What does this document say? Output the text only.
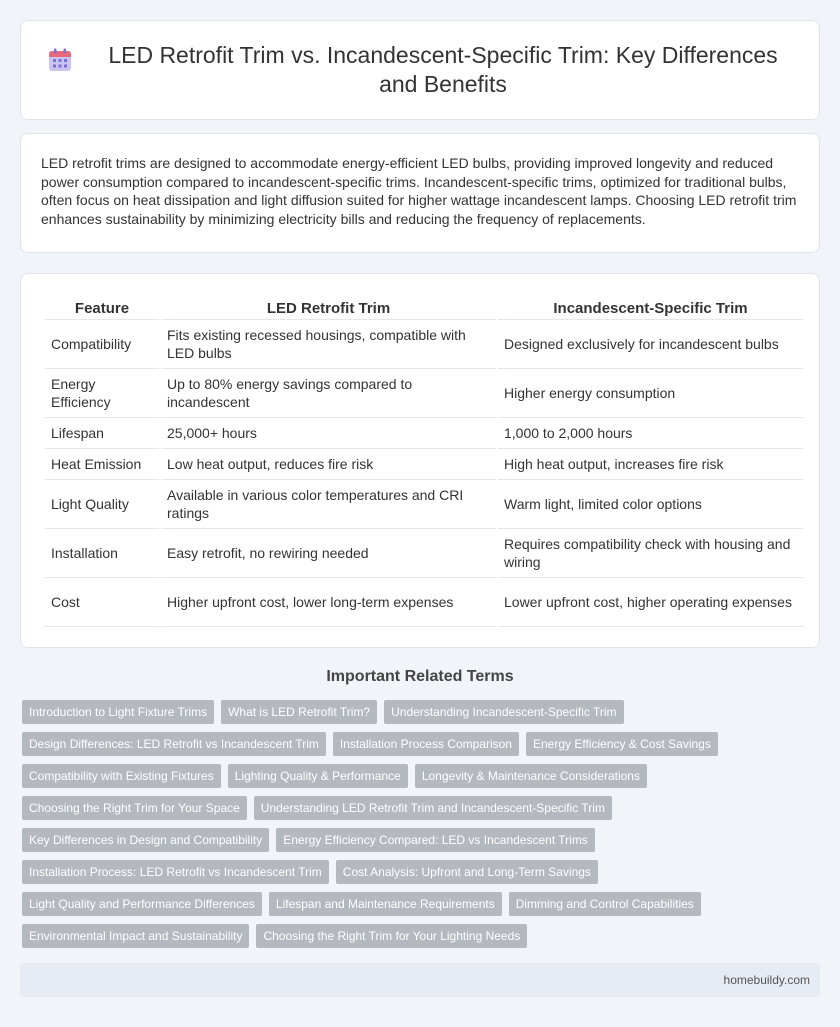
LED Retrofit Trim vs. Incandescent-Specific Trim: Key Differences and Benefits

LED retrofit trims are designed to accommodate energy-efficient LED bulbs, providing improved longevity and reduced power consumption compared to incandescent-specific trims. Incandescent-specific trims, optimized for traditional bulbs, often focus on heat dissipation and light diffusion suited for higher wattage incandescent lamps. Choosing LED retrofit trim enhances sustainability by minimizing electricity bills and reducing the frequency of replacements.

Feature	LED Retrofit Trim	Incandescent-Specific Trim
Compatibility	Fits existing recessed housings, compatible with LED bulbs	Designed exclusively for incandescent bulbs
Energy Efficiency	Up to 80% energy savings compared to incandescent	Higher energy consumption
Lifespan	25,000+ hours	1,000 to 2,000 hours
Heat Emission	Low heat output, reduces fire risk	High heat output, increases fire risk
Light Quality	Available in various color temperatures and CRI ratings	Warm light, limited color options
Installation	Easy retrofit, no rewiring needed	Requires compatibility check with housing and wiring
Cost	Higher upfront cost, lower long-term expenses	Lower upfront cost, higher operating expenses
Important Related Terms
Introduction to Light Fixture Trims	What is LED Retrofit Trim?	Understanding Incandescent-Specific Trim
Design Differences: LED Retrofit vs Incandescent Trim	Installation Process Comparison	Energy Efficiency & Cost Savings
Compatibility with Existing Fixtures	Lighting Quality & Performance	Longevity & Maintenance Considerations
Choosing the Right Trim for Your Space	Understanding LED Retrofit Trim and Incandescent-Specific Trim
Key Differences in Design and Compatibility	Energy Efficiency Compared: LED vs Incandescent Trims
Installation Process: LED Retrofit vs Incandescent Trim	Cost Analysis: Upfront and Long-Term Savings
Light Quality and Performance Differences	Lifespan and Maintenance Requirements	Dimming and Control Capabilities
Environmental Impact and Sustainability	Choosing the Right Trim for Your Lighting Needs
homebuildy.com
